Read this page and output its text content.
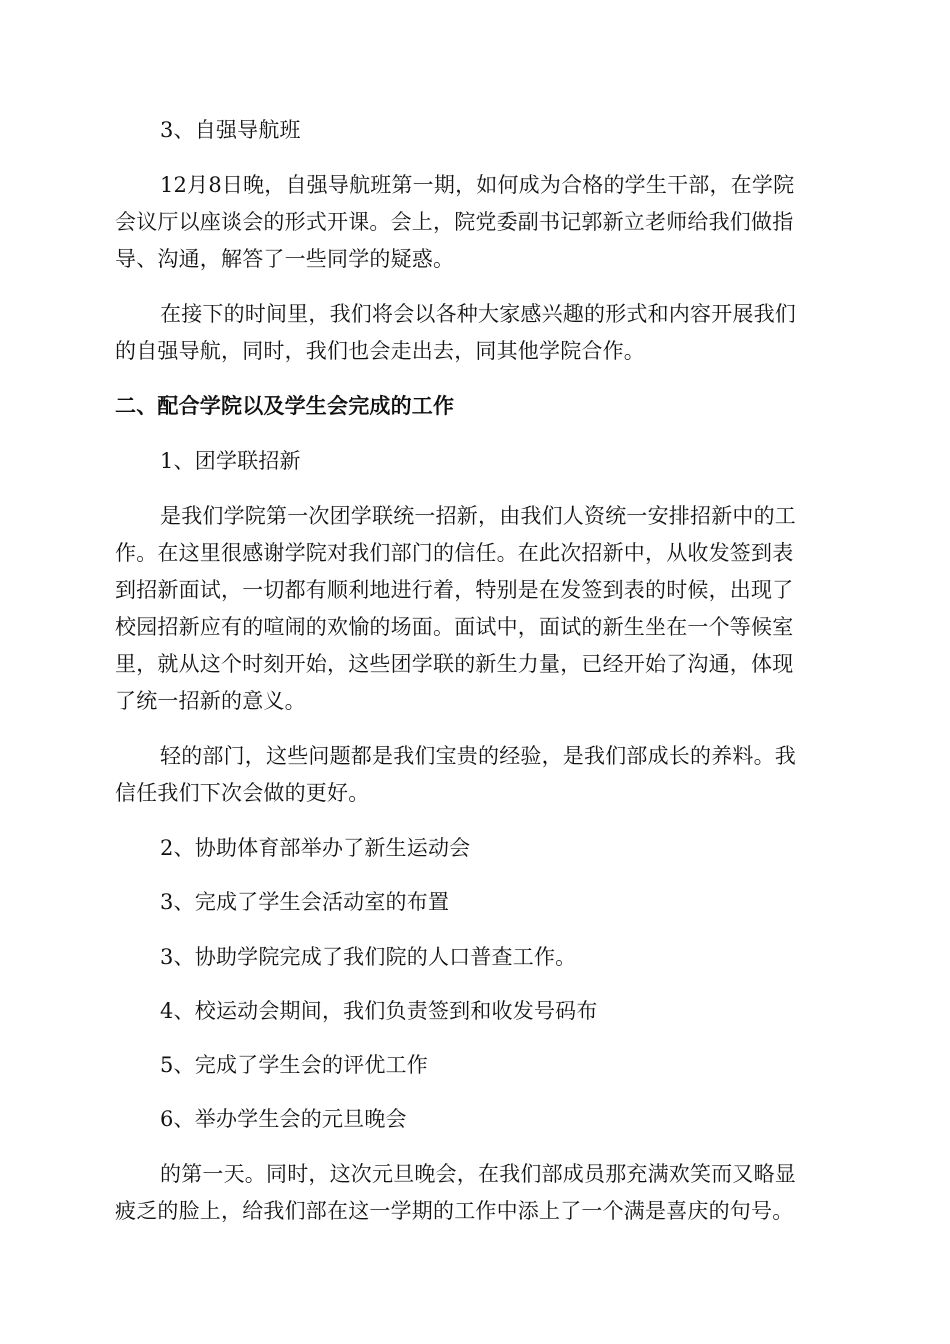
3、自强导航班
12月8日晚，自强导航班第一期，如何成为合格的学生干部，在学院
会议厅以座谈会的形式开课。会上，院党委副书记郭新立老师给我们做指
导、沟通，解答了一些同学的疑惑。
在接下的时间里，我们将会以各种大家感兴趣的形式和内容开展我们
的自强导航，同时，我们也会走出去，同其他学院合作。
二、配合学院以及学生会完成的工作
1、团学联招新
是我们学院第一次团学联统一招新，由我们人资统一安排招新中的工
作。在这里很感谢学院对我们部门的信任。在此次招新中，从收发签到表
到招新面试，一切都有顺利地进行着，特别是在发签到表的时候，出现了
校园招新应有的喧闹的欢愉的场面。面试中，面试的新生坐在一个等候室
里，就从这个时刻开始，这些团学联的新生力量，已经开始了沟通，体现
了统一招新的意义。
轻的部门，这些问题都是我们宝贵的经验，是我们部成长的养料。我
信任我们下次会做的更好。
2、协助体育部举办了新生运动会
3、完成了学生会活动室的布置
3、协助学院完成了我们院的人口普查工作。
4、校运动会期间，我们负责签到和收发号码布
5、完成了学生会的评优工作
6、举办学生会的元旦晚会
的第一天。同时，这次元旦晚会，在我们部成员那充满欢笑而又略显
疲乏的脸上，给我们部在这一学期的工作中添上了一个满是喜庆的句号。
